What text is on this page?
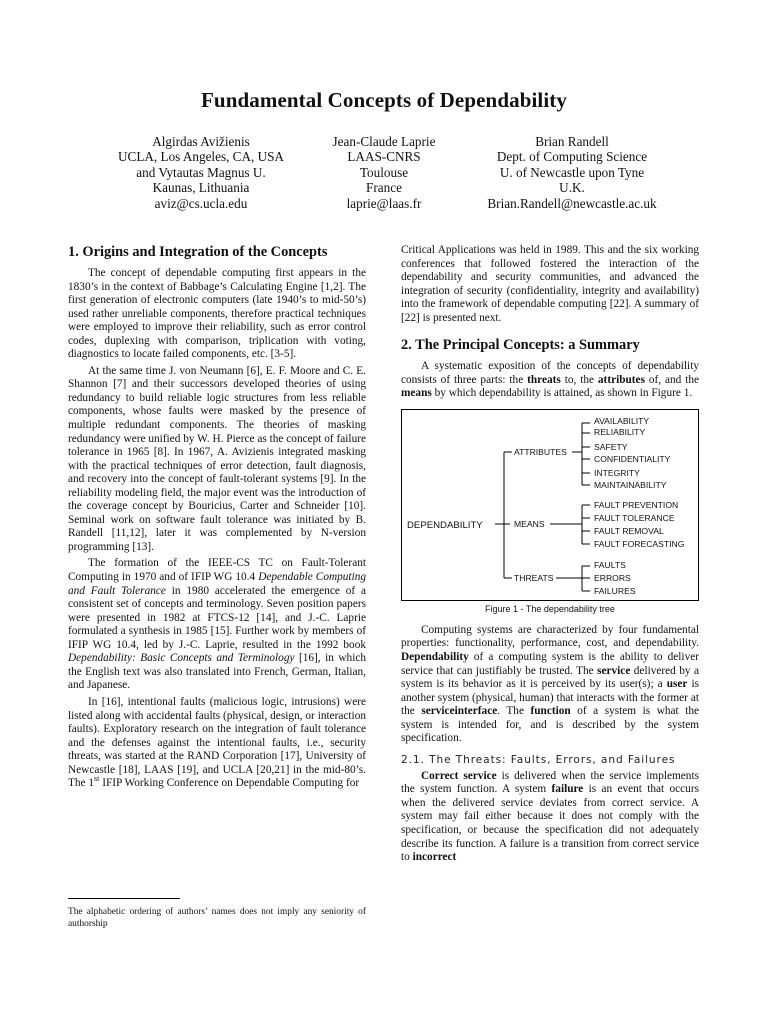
Fundamental Concepts of Dependability
Algirdas Avižienis
UCLA, Los Angeles, CA, USA
and Vytautas Magnus U.
Kaunas, Lithuania
aviz@cs.ucla.edu
Jean-Claude Laprie
LAAS-CNRS
Toulouse
France
laprie@laas.fr
Brian Randell
Dept. of Computing Science
U. of Newcastle upon Tyne
U.K.
Brian.Randell@newcastle.ac.uk
1. Origins and Integration of the Concepts

The concept of dependable computing first appears in the 1830’s in the context of Babbage’s Calculating Engine [1,2]. The first generation of electronic computers (late 1940’s to mid-50’s) used rather unreliable components, therefore practical techniques were employed to improve their reliability, such as error control codes, duplexing with comparison, triplication with voting, diagnostics to locate failed components, etc. [3-5].

At the same time J. von Neumann [6], E. F. Moore and C. E. Shannon [7] and their successors developed theories of using redundancy to build reliable logic structures from less reliable components, whose faults were masked by the presence of multiple redundant components. The theories of masking redundancy were unified by W. H. Pierce as the concept of failure tolerance in 1965 [8]. In 1967, A. Avizienis integrated masking with the practical techniques of error detection, fault diagnosis, and recovery into the concept of fault-tolerant systems [9]. In the reliability modeling field, the major event was the introduction of the coverage concept by Bouricius, Carter and Schneider [10]. Seminal work on software fault tolerance was initiated by B. Randell [11,12], later it was complemented by N-version programming [13].

The formation of the IEEE-CS TC on Fault-Tolerant Computing in 1970 and of IFIP WG 10.4 Dependable Computing and Fault Tolerance in 1980 accelerated the emergence of a consistent set of concepts and terminology. Seven position papers were presented in 1982 at FTCS-12 [14], and J.-C. Laprie formulated a synthesis in 1985 [15]. Further work by members of IFIP WG 10.4, led by J.-C. Laprie, resulted in the 1992 book Dependability: Basic Concepts and Terminology [16], in which the English text was also translated into French, German, Italian, and Japanese.

In [16], intentional faults (malicious logic, intrusions) were listed along with accidental faults (physical, design, or interaction faults). Exploratory research on the integration of fault tolerance and the defenses against the intentional faults, i.e., security threats, was started at the RAND Corporation [17], University of Newcastle [18], LAAS [19], and UCLA [20,21] in the mid-80’s. The 1st IFIP Working Conference on Dependable Computing for

The alphabetic ordering of authors’ names does not imply any seniority of authorship

Critical Applications was held in 1989. This and the six working conferences that followed fostered the interaction of the dependability and security communities, and advanced the integration of security (confidentiality, integrity and availability) into the framework of dependable computing [22]. A summary of [22] is presented next.

2. The Principal Concepts: a Summary

A systematic exposition of the concepts of dependability consists of three parts: the threats to, the attributes of, and the means by which dependability is attained, as shown in Figure 1.

DEPENDABILITY
ATTRIBUTES
MEANS
THREATS
AVAILABILITY
RELIABILITY
SAFETY
CONFIDENTIALITY
INTEGRITY
MAINTAINABILITY
FAULT PREVENTION
FAULT TOLERANCE
FAULT REMOVAL
FAULT FORECASTING
FAULTS
ERRORS
FAILURES
Figure 1 - The dependability tree

Computing systems are characterized by four fundamental properties: functionality, performance, cost, and dependability. Dependability of a computing system is the ability to deliver service that can justifiably be trusted. The service delivered by a system is its behavior as it is perceived by its user(s); a user is another system (physical, human) that interacts with the former at the serviceinterface. The function of a system is what the system is intended for, and is described by the system specification.

2.1. The Threats: Faults, Errors, and Failures

Correct service is delivered when the service implements the system function. A system failure is an event that occurs when the delivered service deviates from correct service. A system may fail either because it does not comply with the specification, or because the specification did not adequately describe its function. A failure is a transition from correct service to incorrect
